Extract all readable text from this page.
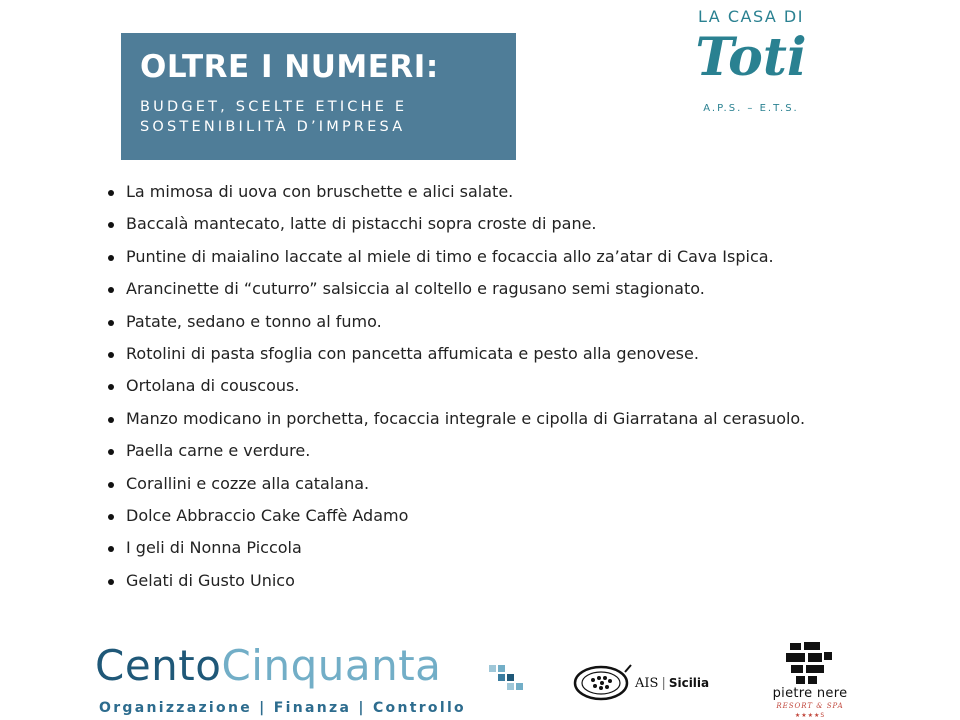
OLTRE I NUMERI:
BUDGET, SCELTE ETICHE E
SOSTENIBILITÀ D’IMPRESA
LA CASA DI
Toti
A.P.S. – E.T.S.
La mimosa di uova con bruschette e alici salate.
Baccalà mantecato, latte di pistacchi sopra croste di pane.
Puntine di maialino laccate al miele di timo e focaccia allo za’atar di Cava Ispica.
Arancinette di “cuturro” salsiccia al coltello e ragusano semi stagionato.
Patate, sedano e tonno al fumo.
Rotolini di pasta sfoglia con pancetta affumicata e pesto alla genovese.
Ortolana di couscous.
Manzo modicano in porchetta, focaccia integrale e cipolla di Giarratana al cerasuolo.
Paella carne e verdure.
Corallini e cozze alla catalana.
Dolce Abbraccio Cake Caffè Adamo
I geli di Nonna Piccola
Gelati di Gusto Unico
CentoCinquanta
Organizzazione | Finanza | Controllo
AIS | Sicilia
pietre nere
RESORT & SPA
★★★★S
